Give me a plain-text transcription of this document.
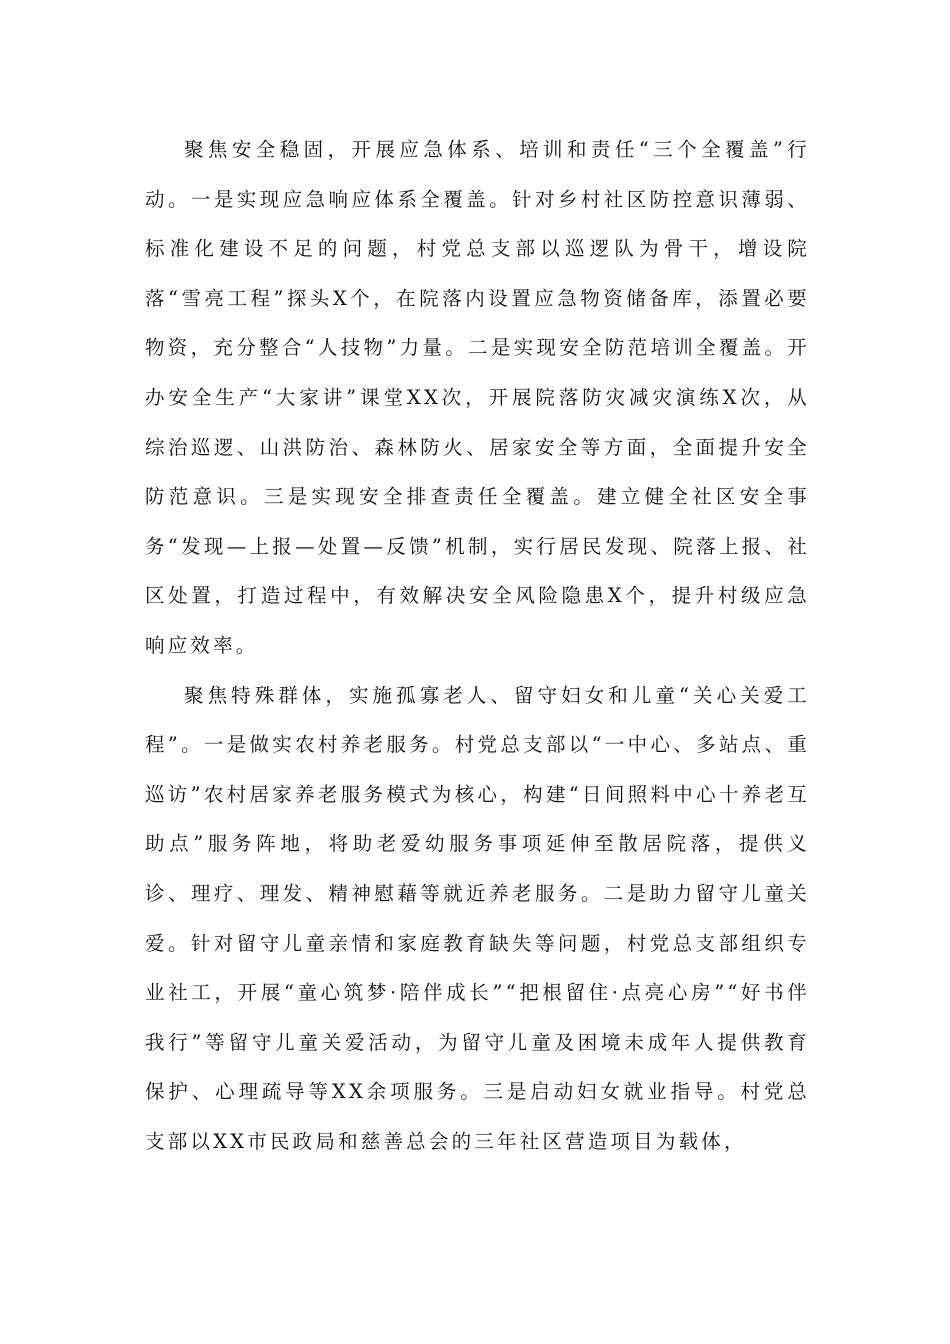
聚焦安全稳固，开展应急体系、培训和责任“三个全覆盖”行动。一是实现应急响应体系全覆盖。针对乡村社区防控意识薄弱、标准化建设不足的问题，村党总支部以巡逻队为骨干，增设院落“雪亮工程”探头X个，在院落内设置应急物资储备库，添置必要物资，充分整合“人技物”力量。二是实现安全防范培训全覆盖。开办安全生产“大家讲”课堂XX次，开展院落防灾减灾演练X次，从综治巡逻、山洪防治、森林防火、居家安全等方面，全面提升安全防范意识。三是实现安全排查责任全覆盖。建立健全社区安全事务“发现—上报—处置—反馈”机制，实行居民发现、院落上报、社区处置，打造过程中，有效解决安全风险隐患X个，提升村级应急响应效率。

聚焦特殊群体，实施孤寡老人、留守妇女和儿童“关心关爱工程”。一是做实农村养老服务。村党总支部以“一中心、多站点、重巡访”农村居家养老服务模式为核心，构建“日间照料中心十养老互助点”服务阵地，将助老爱幼服务事项延伸至散居院落，提供义诊、理疗、理发、精神慰藉等就近养老服务。二是助力留守儿童关爱。针对留守儿童亲情和家庭教育缺失等问题，村党总支部组织专业社工，开展“童心筑梦·陪伴成长”“把根留住·点亮心房”“好书伴我行”等留守儿童关爱活动，为留守儿童及困境未成年人提供教育保护、心理疏导等XX余项服务。三是启动妇女就业指导。村党总支部以XX市民政局和慈善总会的三年社区营造项目为载体，
